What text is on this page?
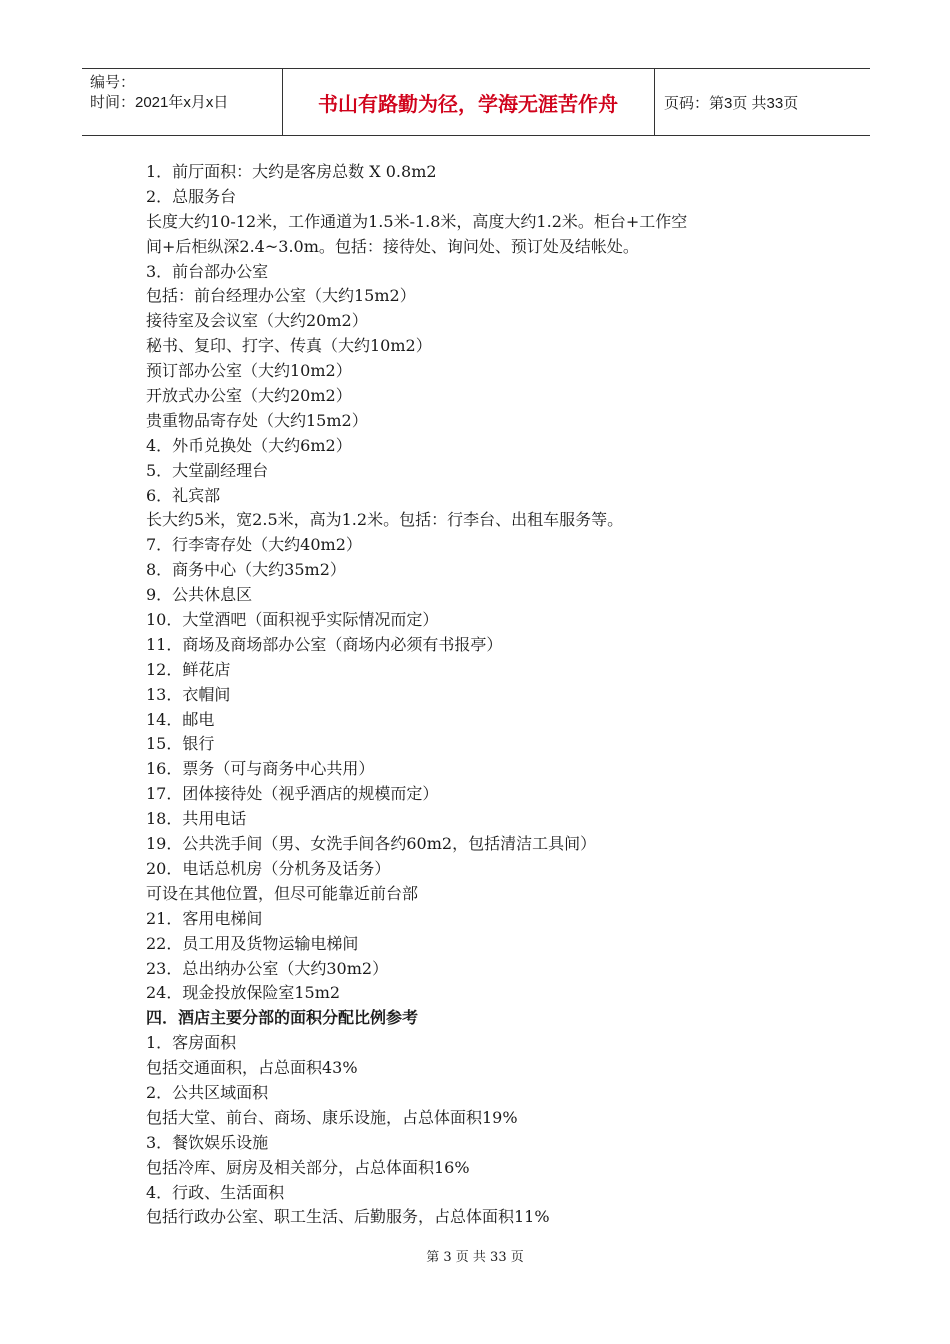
编号：
时间：2021年x月x日	书山有路勤为径，学海无涯苦作舟	页码：第3页 共33页
1．前厅面积：大约是客房总数 X 0.8m2
2．总服务台
长度大约10-12米，工作通道为1.5米-1.8米，高度大约1.2米。柜台+工作空
间+后柜纵深2.4~3.0m。包括：接待处、询问处、预订处及结帐处。
3．前台部办公室
包括：前台经理办公室（大约15m2）
接待室及会议室（大约20m2）
秘书、复印、打字、传真（大约10m2）
预订部办公室（大约10m2）
开放式办公室（大约20m2）
贵重物品寄存处（大约15m2）
4．外币兑换处（大约6m2）
5．大堂副经理台
6．礼宾部
长大约5米，宽2.5米，高为1.2米。包括：行李台、出租车服务等。
7．行李寄存处（大约40m2）
8．商务中心（大约35m2）
9．公共休息区
10．大堂酒吧（面积视乎实际情况而定）
11．商场及商场部办公室（商场内必须有书报亭）
12．鲜花店
13．衣帽间
14．邮电
15．银行
16．票务（可与商务中心共用）
17．团体接待处（视乎酒店的规模而定）
18．共用电话
19．公共洗手间（男、女洗手间各约60m2，包括清洁工具间）
20．电话总机房（分机务及话务）
可设在其他位置，但尽可能靠近前台部
21．客用电梯间
22．员工用及货物运输电梯间
23．总出纳办公室（大约30m2）
24．现金投放保险室15m2
四．酒店主要分部的面积分配比例参考
1．客房面积
包括交通面积，占总面积43%
2．公共区域面积
包括大堂、前台、商场、康乐设施，占总体面积19%
3．餐饮娱乐设施
包括冷库、厨房及相关部分，占总体面积16%
4．行政、生活面积
包括行政办公室、职工生活、后勤服务，占总体面积11%
第 3 页 共 33 页
